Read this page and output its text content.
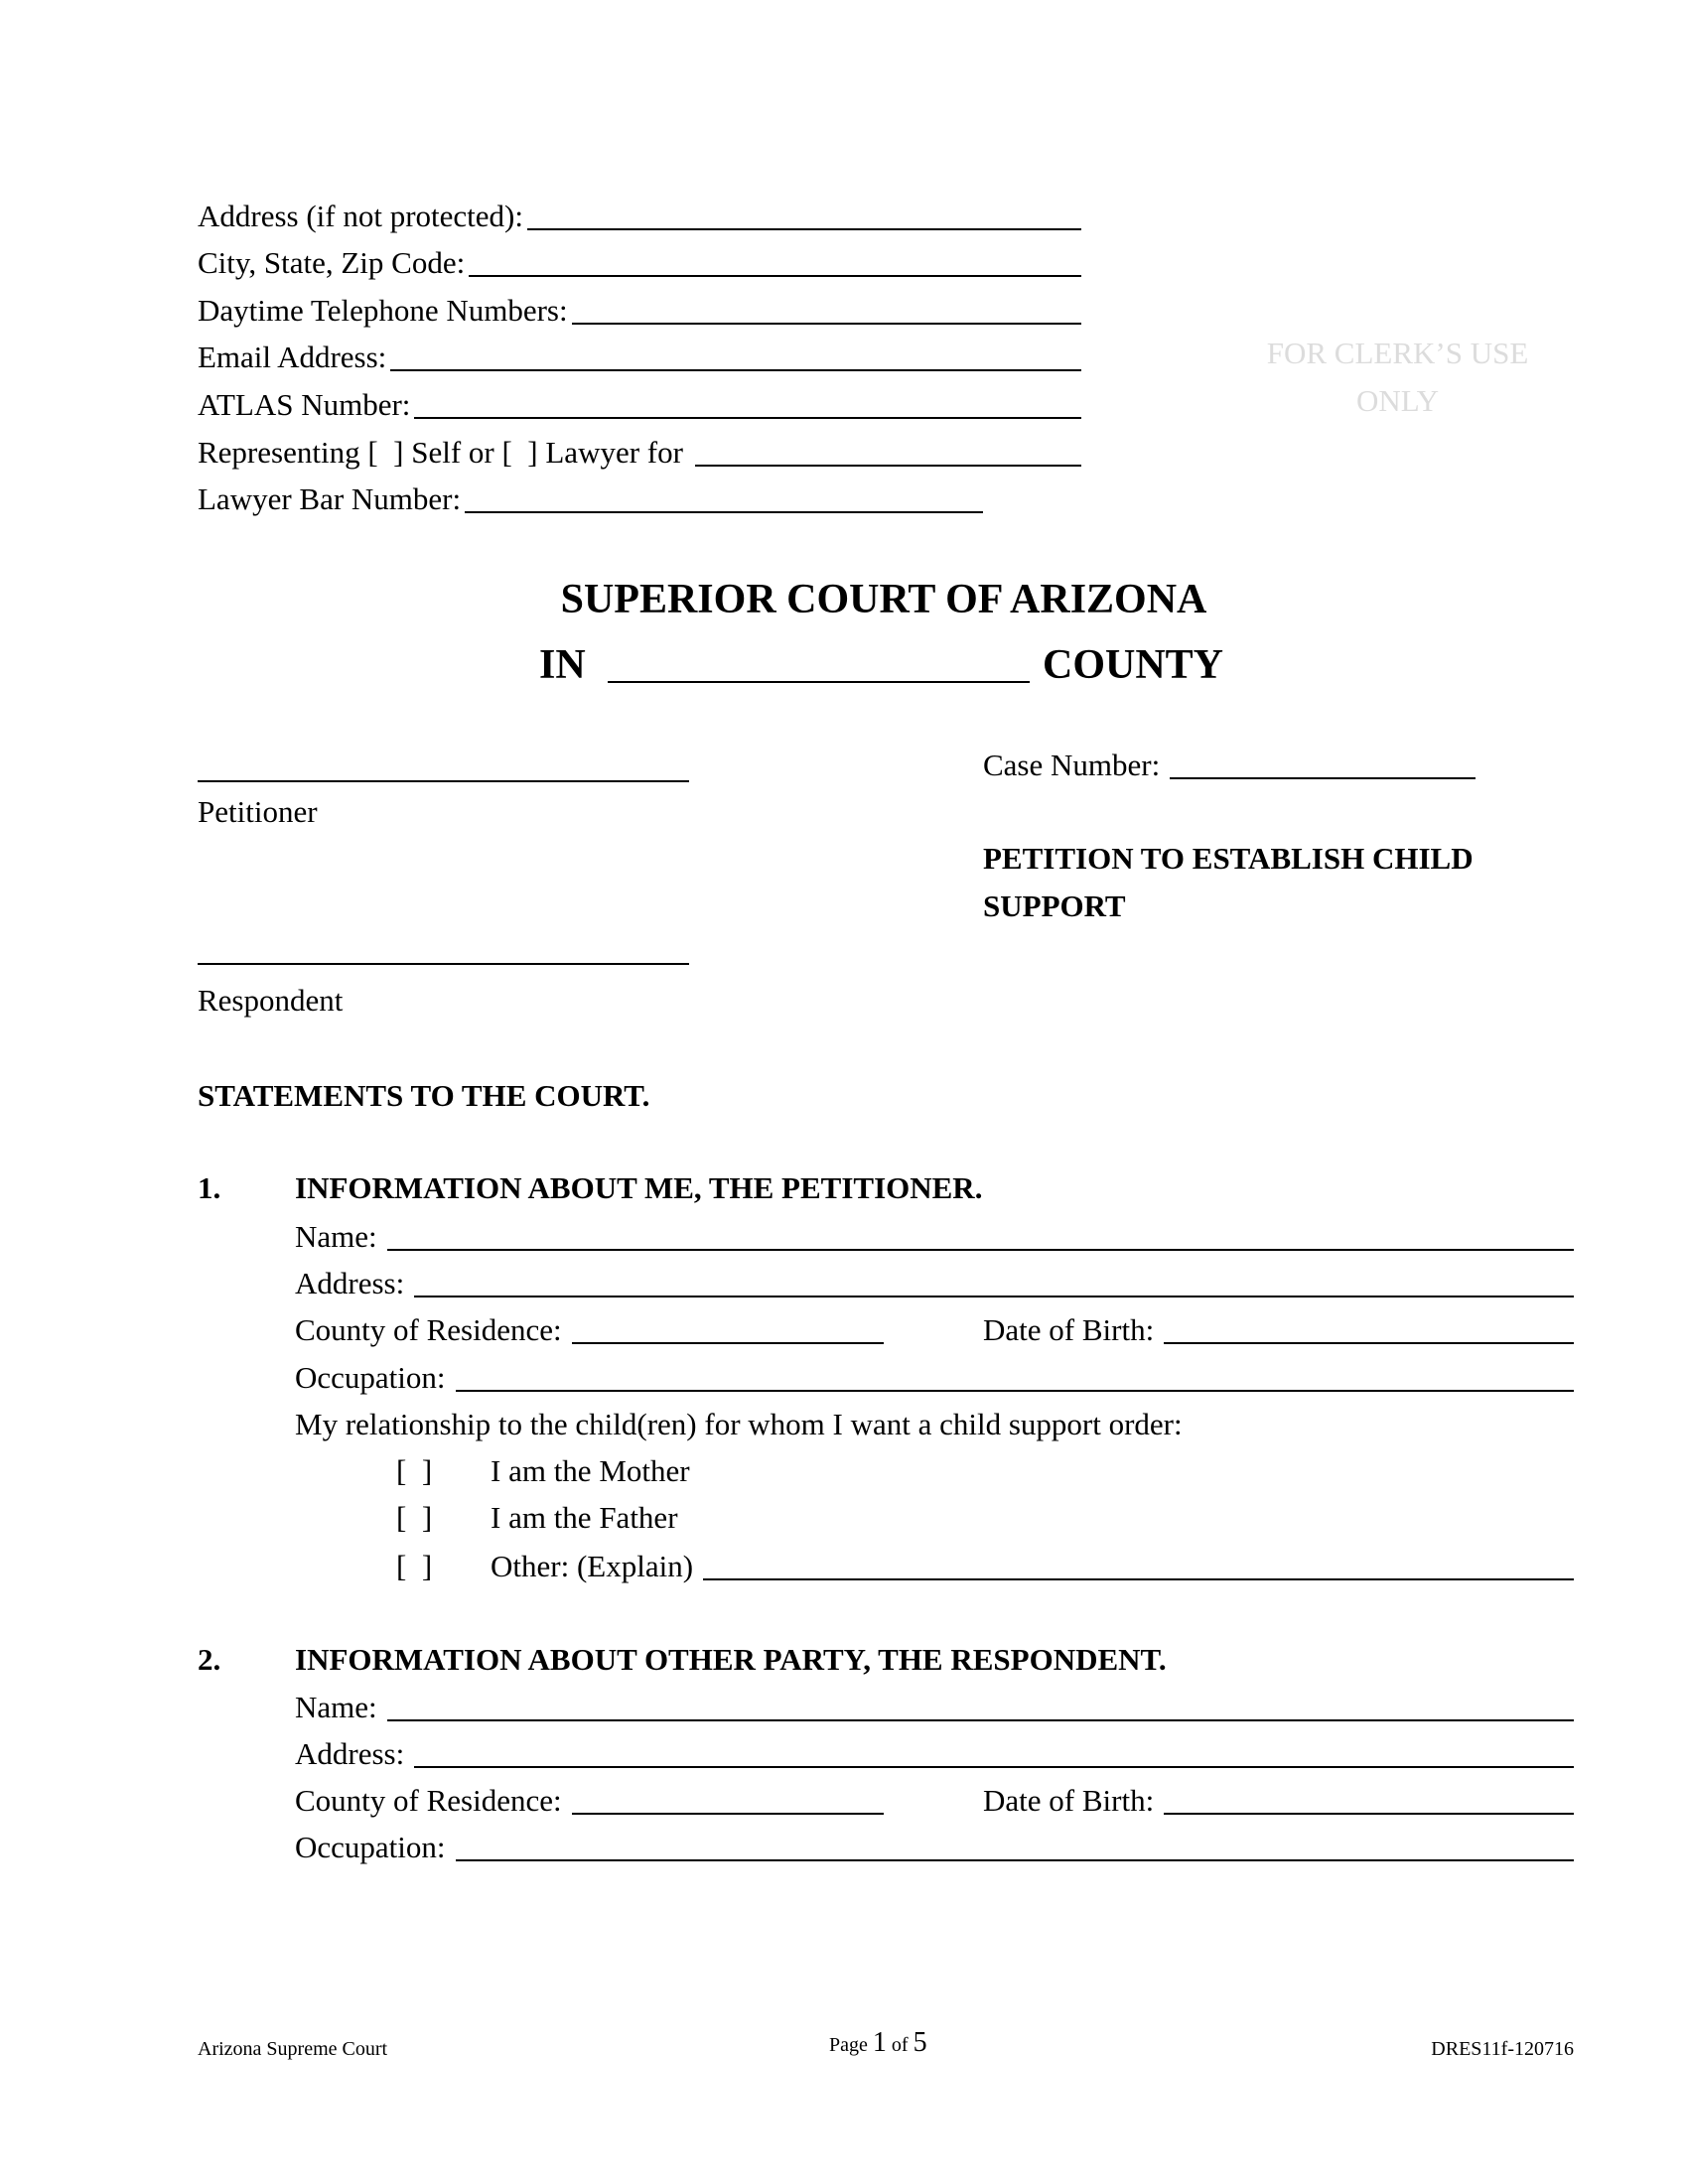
Address (if not protected):
City, State, Zip Code:
Daytime Telephone Numbers:
Email Address:
ATLAS Number:
Representing [  ] Self or [  ] Lawyer for
Lawyer Bar Number:
FOR CLERK’S USE
ONLY
SUPERIOR COURT OF ARIZONA
IN	COUNTY
Petitioner
Case Number:
PETITION TO ESTABLISH CHILD
SUPPORT
Respondent
STATEMENTS TO THE COURT.
1. INFORMATION ABOUT ME, THE PETITIONER.
Name:
Address:
County of Residence:	Date of Birth:
Occupation:
My relationship to the child(ren) for whom I want a child support order:
[  ] I am the Mother
[  ] I am the Father
[  ] Other: (Explain)
2. INFORMATION ABOUT OTHER PARTY, THE RESPONDENT.
Name:
Address:
County of Residence:	Date of Birth:
Occupation:
Arizona Supreme Court	Page 1 of 5	DRES11f-120716
